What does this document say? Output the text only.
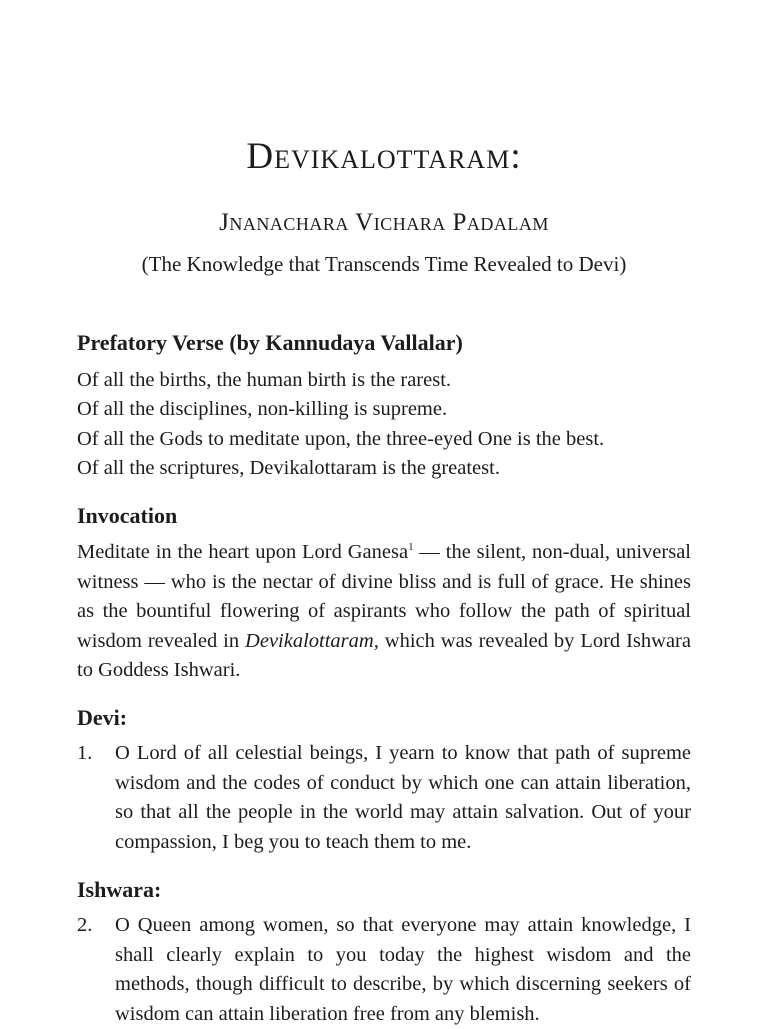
Devikalottaram:
Jnanachara Vichara Padalam
(The Knowledge that Transcends Time Revealed to Devi)
Prefatory Verse (by Kannudaya Vallalar)
Of all the births, the human birth is the rarest.
Of all the disciplines, non-killing is supreme.
Of all the Gods to meditate upon, the three-eyed One is the best.
Of all the scriptures, Devikalottaram is the greatest.
Invocation
Meditate in the heart upon Lord Ganesa$^1$ — the silent, non-dual, universal witness — who is the nectar of divine bliss and is full of grace. He shines as the bountiful flowering of aspirants who follow the path of spiritual wisdom revealed in Devikalottaram, which was revealed by Lord Ishwara to Goddess Ishwari.
Devi:
1. O Lord of all celestial beings, I yearn to know that path of supreme wisdom and the codes of conduct by which one can attain liberation, so that all the people in the world may attain salvation. Out of your compassion, I beg you to teach them to me.
Ishwara:
2. O Queen among women, so that everyone may attain knowledge, I shall clearly explain to you today the highest wisdom and the methods, though difficult to describe, by which discerning seekers of wisdom can attain liberation free from any blemish.
